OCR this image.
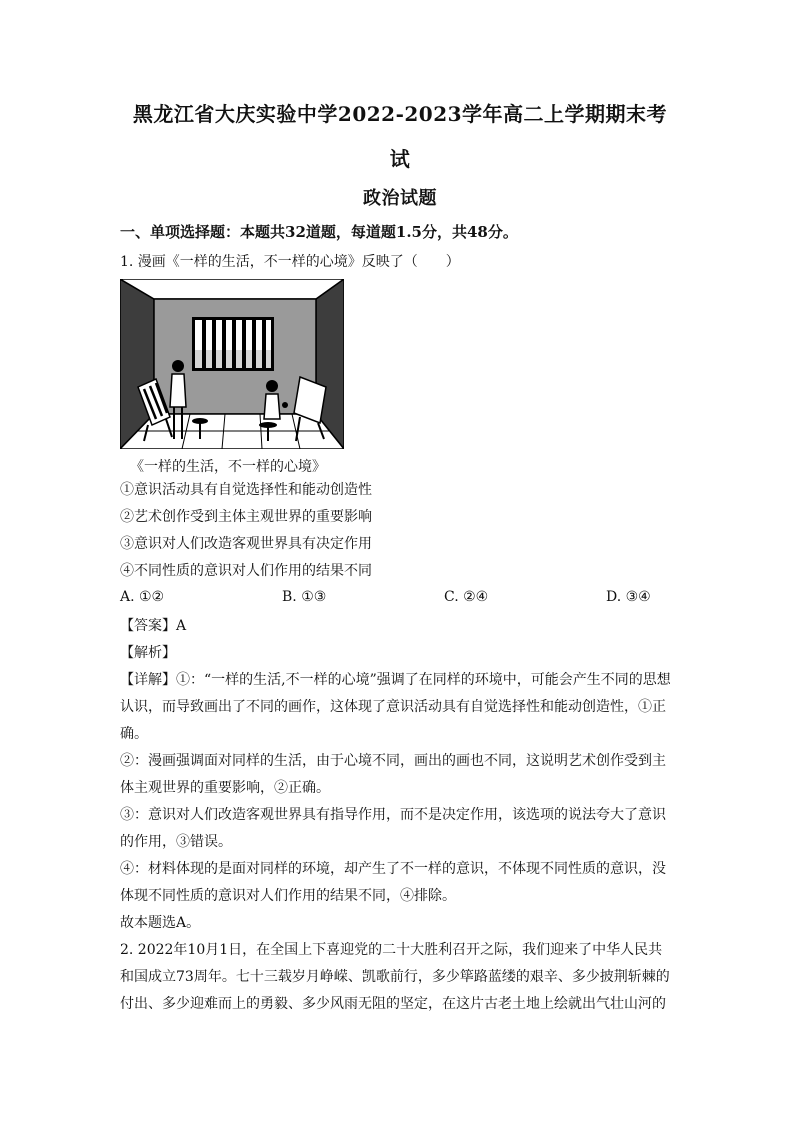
黑龙江省大庆实验中学2022-2023学年高二上学期期末考
试
政治试题
一、单项选择题：本题共32道题，每道题1.5分，共48分。
1. 漫画《一样的生活，不一样的心境》反映了（　　）
《一样的生活，不一样的心境》
①意识活动具有自觉选择性和能动创造性
②艺术创作受到主体主观世界的重要影响
③意识对人们改造客观世界具有决定作用
④不同性质的意识对人们作用的结果不同
A. ①②	B. ①③	C. ②④	D. ③④
【答案】A
【解析】
【详解】①：“一样的生活,不一样的心境”强调了在同样的环境中，可能会产生不同的思想
认识，而导致画出了不同的画作，这体现了意识活动具有自觉选择性和能动创造性，①正
确。
②：漫画强调面对同样的生活，由于心境不同，画出的画也不同，这说明艺术创作受到主
体主观世界的重要影响，②正确。
③：意识对人们改造客观世界具有指导作用，而不是决定作用，该选项的说法夸大了意识
的作用，③错误。
④：材料体现的是面对同样的环境，却产生了不一样的意识，不体现不同性质的意识，没
体现不同性质的意识对人们作用的结果不同，④排除。
故本题选A。
2. 2022年10月1日，在全国上下喜迎党的二十大胜利召开之际，我们迎来了中华人民共
和国成立73周年。七十三载岁月峥嵘、凯歌前行，多少筚路蓝缕的艰辛、多少披荆斩棘的
付出、多少迎难而上的勇毅、多少风雨无阻的坚定，在这片古老土地上绘就出气壮山河的
